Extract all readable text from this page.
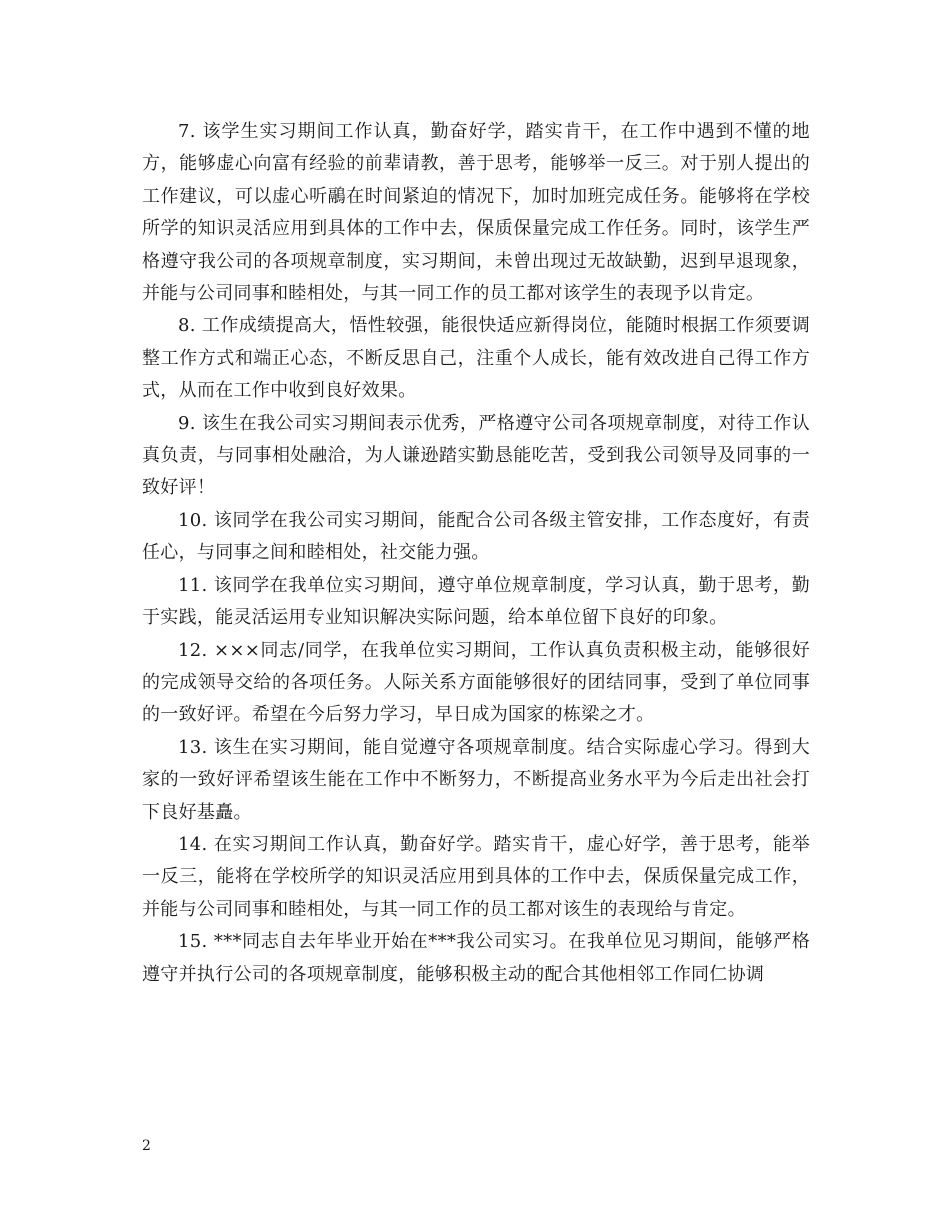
7. 该学生实习期间工作认真，勤奋好学，踏实肯干，在工作中遇到不懂的地方，能够虚心向富有经验的前辈请教，善于思考，能够举一反三。对于别人提出的工作建议，可以虚心听鷊在时间紧迫的情况下，加时加班完成任务。能够将在学校所学的知识灵活应用到具体的工作中去，保质保量完成工作任务。同时，该学生严格遵守我公司的各项规章制度，实习期间，未曾出现过无故缺勤，迟到早退现象，并能与公司同事和睦相处，与其一同工作的员工都对该学生的表现予以肯定。

8. 工作成绩提高大，悟性较强，能很快适应新得岗位，能随时根据工作须要调整工作方式和端正心态，不断反思自己，注重个人成长，能有效改进自己得工作方式，从而在工作中收到良好效果。

9. 该生在我公司实习期间表示优秀，严格遵守公司各项规章制度，对待工作认真负责，与同事相处融洽，为人谦逊踏实勤恳能吃苦，受到我公司领导及同事的一致好评！

10. 该同学在我公司实习期间，能配合公司各级主管安排，工作态度好，有责任心，与同事之间和睦相处，社交能力强。

11. 该同学在我单位实习期间，遵守单位规章制度，学习认真，勤于思考，勤于实践，能灵活运用专业知识解决实际问题，给本单位留下良好的印象。

12. ×××同志/同学，在我单位实习期间，工作认真负责积极主动，能够很好的完成领导交给的各项任务。人际关系方面能够很好的团结同事，受到了单位同事的一致好评。希望在今后努力学习，早日成为国家的栋梁之才。

13. 该生在实习期间，能自觉遵守各项规章制度。结合实际虚心学习。得到大家的一致好评希望该生能在工作中不断努力，不断提高业务水平为今后走出社会打下良好基矗。

14. 在实习期间工作认真，勤奋好学。踏实肯干，虚心好学，善于思考，能举一反三，能将在学校所学的知识灵活应用到具体的工作中去，保质保量完成工作，并能与公司同事和睦相处，与其一同工作的员工都对该生的表现给与肯定。

15. ***同志自去年毕业开始在***我公司实习。在我单位见习期间，能够严格遵守并执行公司的各项规章制度，能够积极主动的配合其他相邻工作同仁协调

2
